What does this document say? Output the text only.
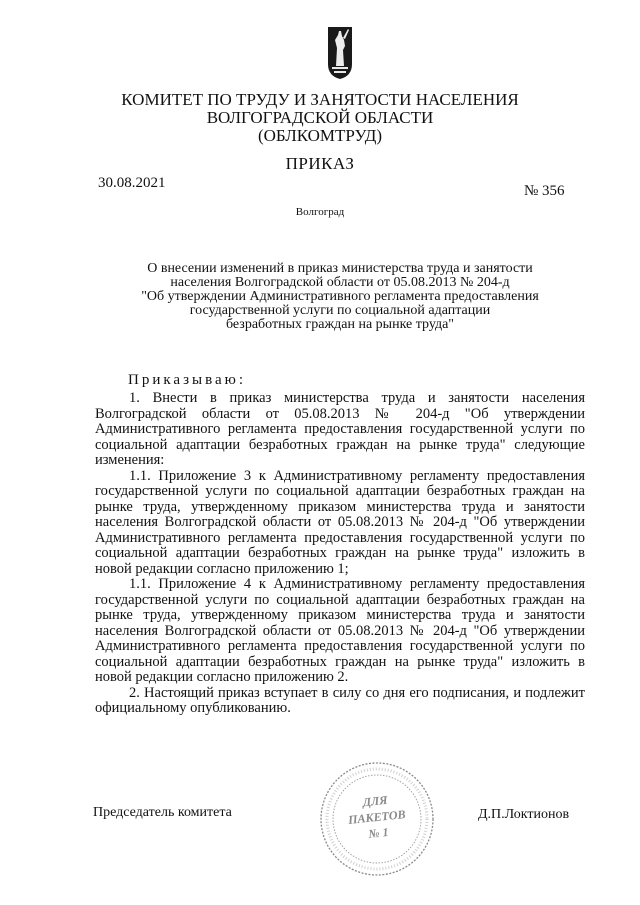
КОМИТЕТ ПО ТРУДУ И ЗАНЯТОСТИ НАСЕЛЕНИЯ
ВОЛГОГРАДСКОЙ ОБЛАСТИ
(ОБЛКОМТРУД)
ПРИКАЗ
30.08.2021	№ 356
Волгоград
О внесении изменений в приказ министерства труда и занятости
населения Волгоградской области от 05.08.2013 № 204-д
"Об утверждении Административного регламента предоставления
государственной услуги по социальной адаптации
безработных граждан на рынке труда"
Приказываю:

1. Внести в приказ министерства труда и занятости населения Волгоградской области от 05.08.2013 № 204-д "Об утверждении Административного регламента предоставления государственной услуги по социальной адаптации безработных граждан на рынке труда" следующие изменения:

1.1. Приложение 3 к Административному регламенту предоставления государственной услуги по социальной адаптации безработных граждан на рынке труда, утвержденному приказом министерства труда и занятости населения Волгоградской области от 05.08.2013 № 204-д "Об утверждении Административного регламента предоставления государственной услуги по социальной адаптации безработных граждан на рынке труда" изложить в новой редакции согласно приложению 1;

1.1. Приложение 4 к Административному регламенту предоставления государственной услуги по социальной адаптации безработных граждан на рынке труда, утвержденному приказом министерства труда и занятости населения Волгоградской области от 05.08.2013 № 204-д "Об утверждении Административного регламента предоставления государственной услуги по социальной адаптации безработных граждан на рынке труда" изложить в новой редакции согласно приложению 2.

2. Настоящий приказ вступает в силу со дня его подписания, и подлежит официальному опубликованию.

ДЛЯ
ПАКЕТОВ
№ 1
Председатель комитета	Д.П.Локтионов
